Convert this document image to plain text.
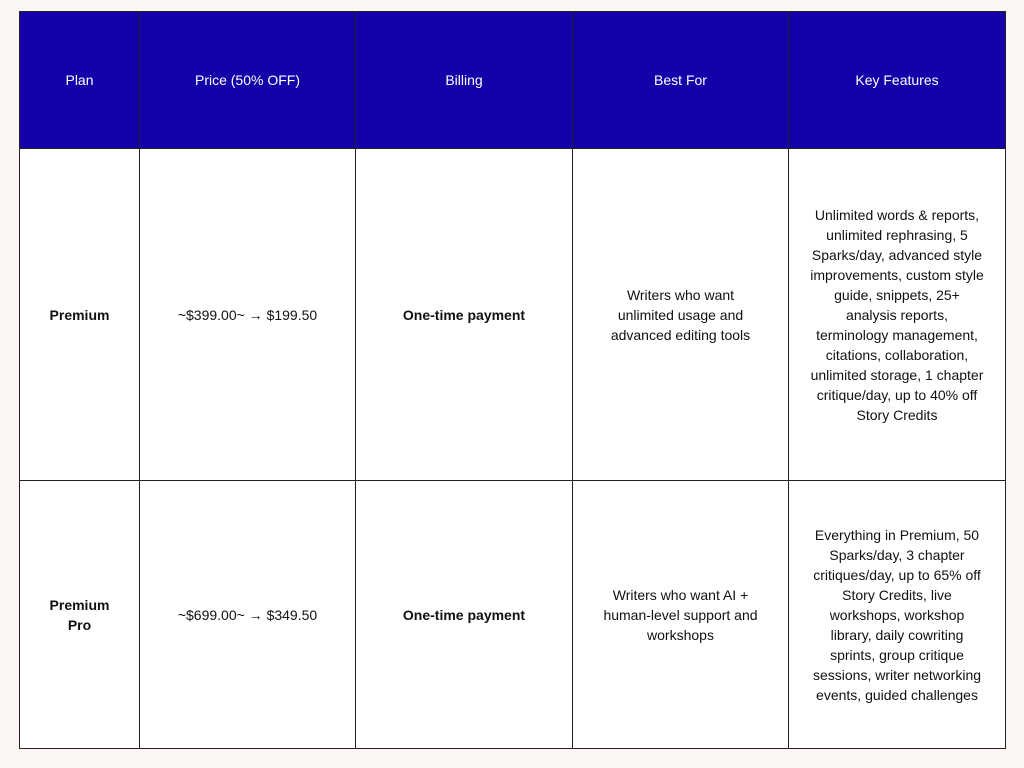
Plan	Price (50% OFF)	Billing	Best For	Key Features
Premium	~$399.00~ → $199.50	One-time payment	Writers who want unlimited usage and advanced editing tools	Unlimited words & reports, unlimited rephrasing, 5 Sparks/day, advanced style improvements, custom style guide, snippets, 25+ analysis reports, terminology management, citations, collaboration, unlimited storage, 1 chapter critique/day, up to 40% off Story Credits
Premium Pro	~$699.00~ → $349.50	One-time payment	Writers who want AI + human-level support and workshops	Everything in Premium, 50 Sparks/day, 3 chapter critiques/day, up to 65% off Story Credits, live workshops, workshop library, daily cowriting sprints, group critique sessions, writer networking events, guided challenges
